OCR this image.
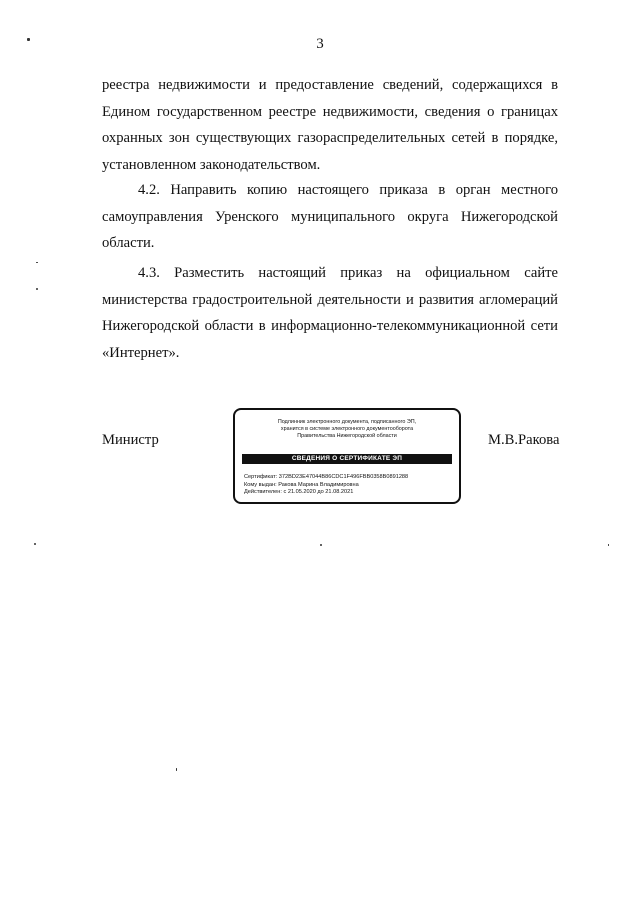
3
реестра недвижимости и предоставление сведений, содержащихся в
Едином государственном реестре недвижимости, сведения о границах
охранных зон существующих газораспределительных сетей в порядке,
установленном законодательством.
4.2. Направить копию настоящего приказа в орган местного
самоуправления Уренского муниципального округа Нижегородской
области.
4.3. Разместить настоящий приказ на официальном сайте
министерства градостроительной деятельности и развития агломераций
Нижегородской области в информационно-телекоммуникационной сети
«Интернет».
Министр
Подлинник электронного документа, подписанного ЭП,
хранится в системе электронного документооборота
Правительства Нижегородской области
СВЕДЕНИЯ О СЕРТИФИКАТЕ ЭП
Сертификат: 372BD23E47044B86CDC1F496FBB0358B0891288
Кому выдан: Ракова Марина Владимировна
Действителен: с 21.05.2020 до 21.08.2021
М.В.Ракова
